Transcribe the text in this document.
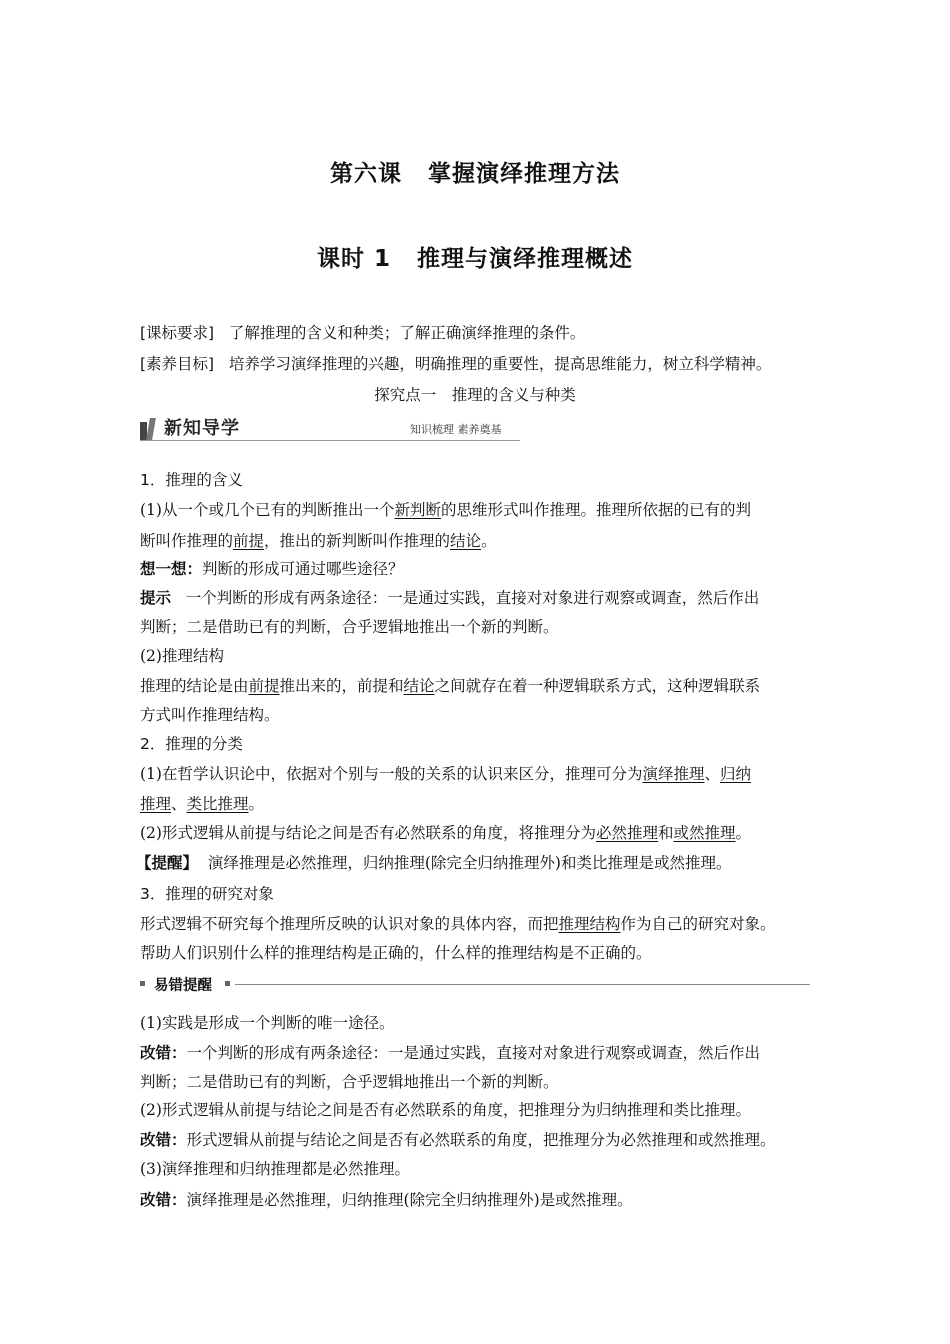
第六课 掌握演绎推理方法
课时 1 推理与演绎推理概述
[课标要求] 了解推理的含义和种类；了解正确演绎推理的条件。
[素养目标] 培养学习演绎推理的兴趣，明确推理的重要性，提高思维能力，树立科学精神。
探究点一　推理的含义与种类
新知导学	知识梳理 素养奠基
1．推理的含义
(1)从一个或几个已有的判断推出一个新判断的思维形式叫作推理。推理所依据的已有的判
断叫作推理的前提，推出的新判断叫作推理的结论。
想一想：判断的形成可通过哪些途径？
提示 一个判断的形成有两条途径：一是通过实践，直接对对象进行观察或调查，然后作出
判断；二是借助已有的判断，合乎逻辑地推出一个新的判断。
(2)推理结构
推理的结论是由前提推出来的，前提和结论之间就存在着一种逻辑联系方式，这种逻辑联系
方式叫作推理结构。
2．推理的分类
(1)在哲学认识论中，依据对个别与一般的关系的认识来区分，推理可分为演绎推理、归纳
推理、类比推理。
(2)形式逻辑从前提与结论之间是否有必然联系的角度，将推理分为必然推理和或然推理。
【提醒】 演绎推理是必然推理，归纳推理(除完全归纳推理外)和类比推理是或然推理。
3．推理的研究对象
形式逻辑不研究每个推理所反映的认识对象的具体内容，而把推理结构作为自己的研究对象。
帮助人们识别什么样的推理结构是正确的，什么样的推理结构是不正确的。
易错提醒
(1)实践是形成一个判断的唯一途径。
改错：一个判断的形成有两条途径：一是通过实践，直接对对象进行观察或调查，然后作出
判断；二是借助已有的判断，合乎逻辑地推出一个新的判断。
(2)形式逻辑从前提与结论之间是否有必然联系的角度，把推理分为归纳推理和类比推理。
改错：形式逻辑从前提与结论之间是否有必然联系的角度，把推理分为必然推理和或然推理。
(3)演绎推理和归纳推理都是必然推理。
改错：演绎推理是必然推理，归纳推理(除完全归纳推理外)是或然推理。
